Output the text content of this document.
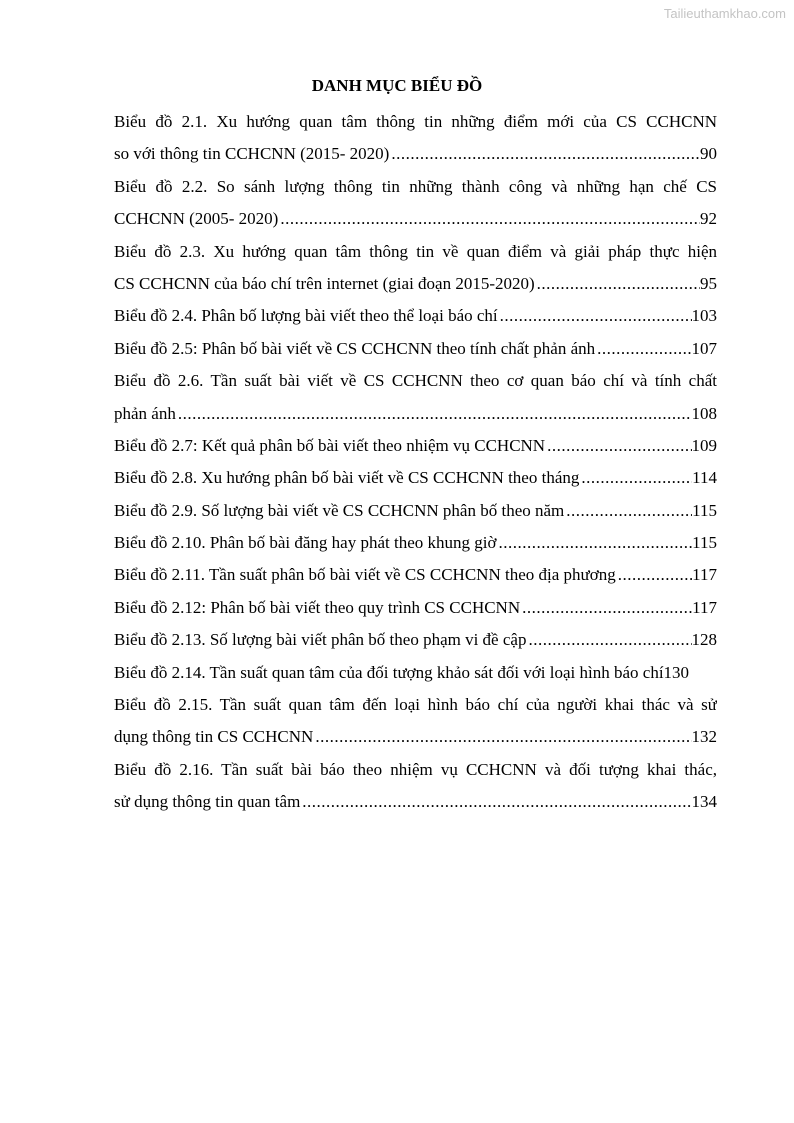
Tailieuthamkhao.com
DANH MỤC BIỂU ĐỒ
Biểu đồ 2.1. Xu hướng quan tâm thông tin những điểm mới của CS CCHCNN
so với thông tin CCHCNN (2015- 2020) .....	90
Biểu đồ 2.2. So sánh lượng thông tin những thành công và những hạn chế CS
CCHCNN (2005- 2020) .....	92
Biểu đồ 2.3. Xu hướng quan tâm thông tin về quan điểm và giải pháp thực hiện
CS CCHCNN của báo chí trên internet (giai đoạn 2015-2020) .....	95
Biểu đồ 2.4. Phân bố lượng bài viết theo thể loại báo chí .....	103
Biểu đồ 2.5: Phân bố bài viết về CS CCHCNN theo tính chất phản ánh .....	107
Biểu đồ 2.6. Tần suất bài viết về CS CCHCNN theo cơ quan báo chí và tính chất
phản ánh .....	108
Biểu đồ 2.7: Kết quả phân bố bài viết theo nhiệm vụ CCHCNN .....	109
Biểu đồ 2.8. Xu hướng phân bố bài viết về CS CCHCNN theo tháng .....	114
Biểu đồ 2.9. Số lượng bài viết về CS CCHCNN phân bố theo năm .....	115
Biểu đồ 2.10. Phân bố bài đăng hay phát theo khung giờ .....	115
Biểu đồ 2.11. Tần suất phân bố bài viết về CS CCHCNN theo địa phương .....	117
Biểu đồ 2.12: Phân bố bài viết theo quy trình CS CCHCNN .....	117
Biểu đồ 2.13. Số lượng bài viết phân bố theo phạm vi đề cập .....	128
Biểu đồ 2.14. Tần suất quan tâm của đối tượng khảo sát đối với loại hình báo chí 130
Biểu đồ 2.15. Tần suất quan tâm đến loại hình báo chí của người khai thác và sử
dụng thông tin CS CCHCNN .....	132
Biểu đồ 2.16. Tần suất bài báo theo nhiệm vụ CCHCNN và đối tượng khai thác,
sử dụng thông tin quan tâm .....	134
